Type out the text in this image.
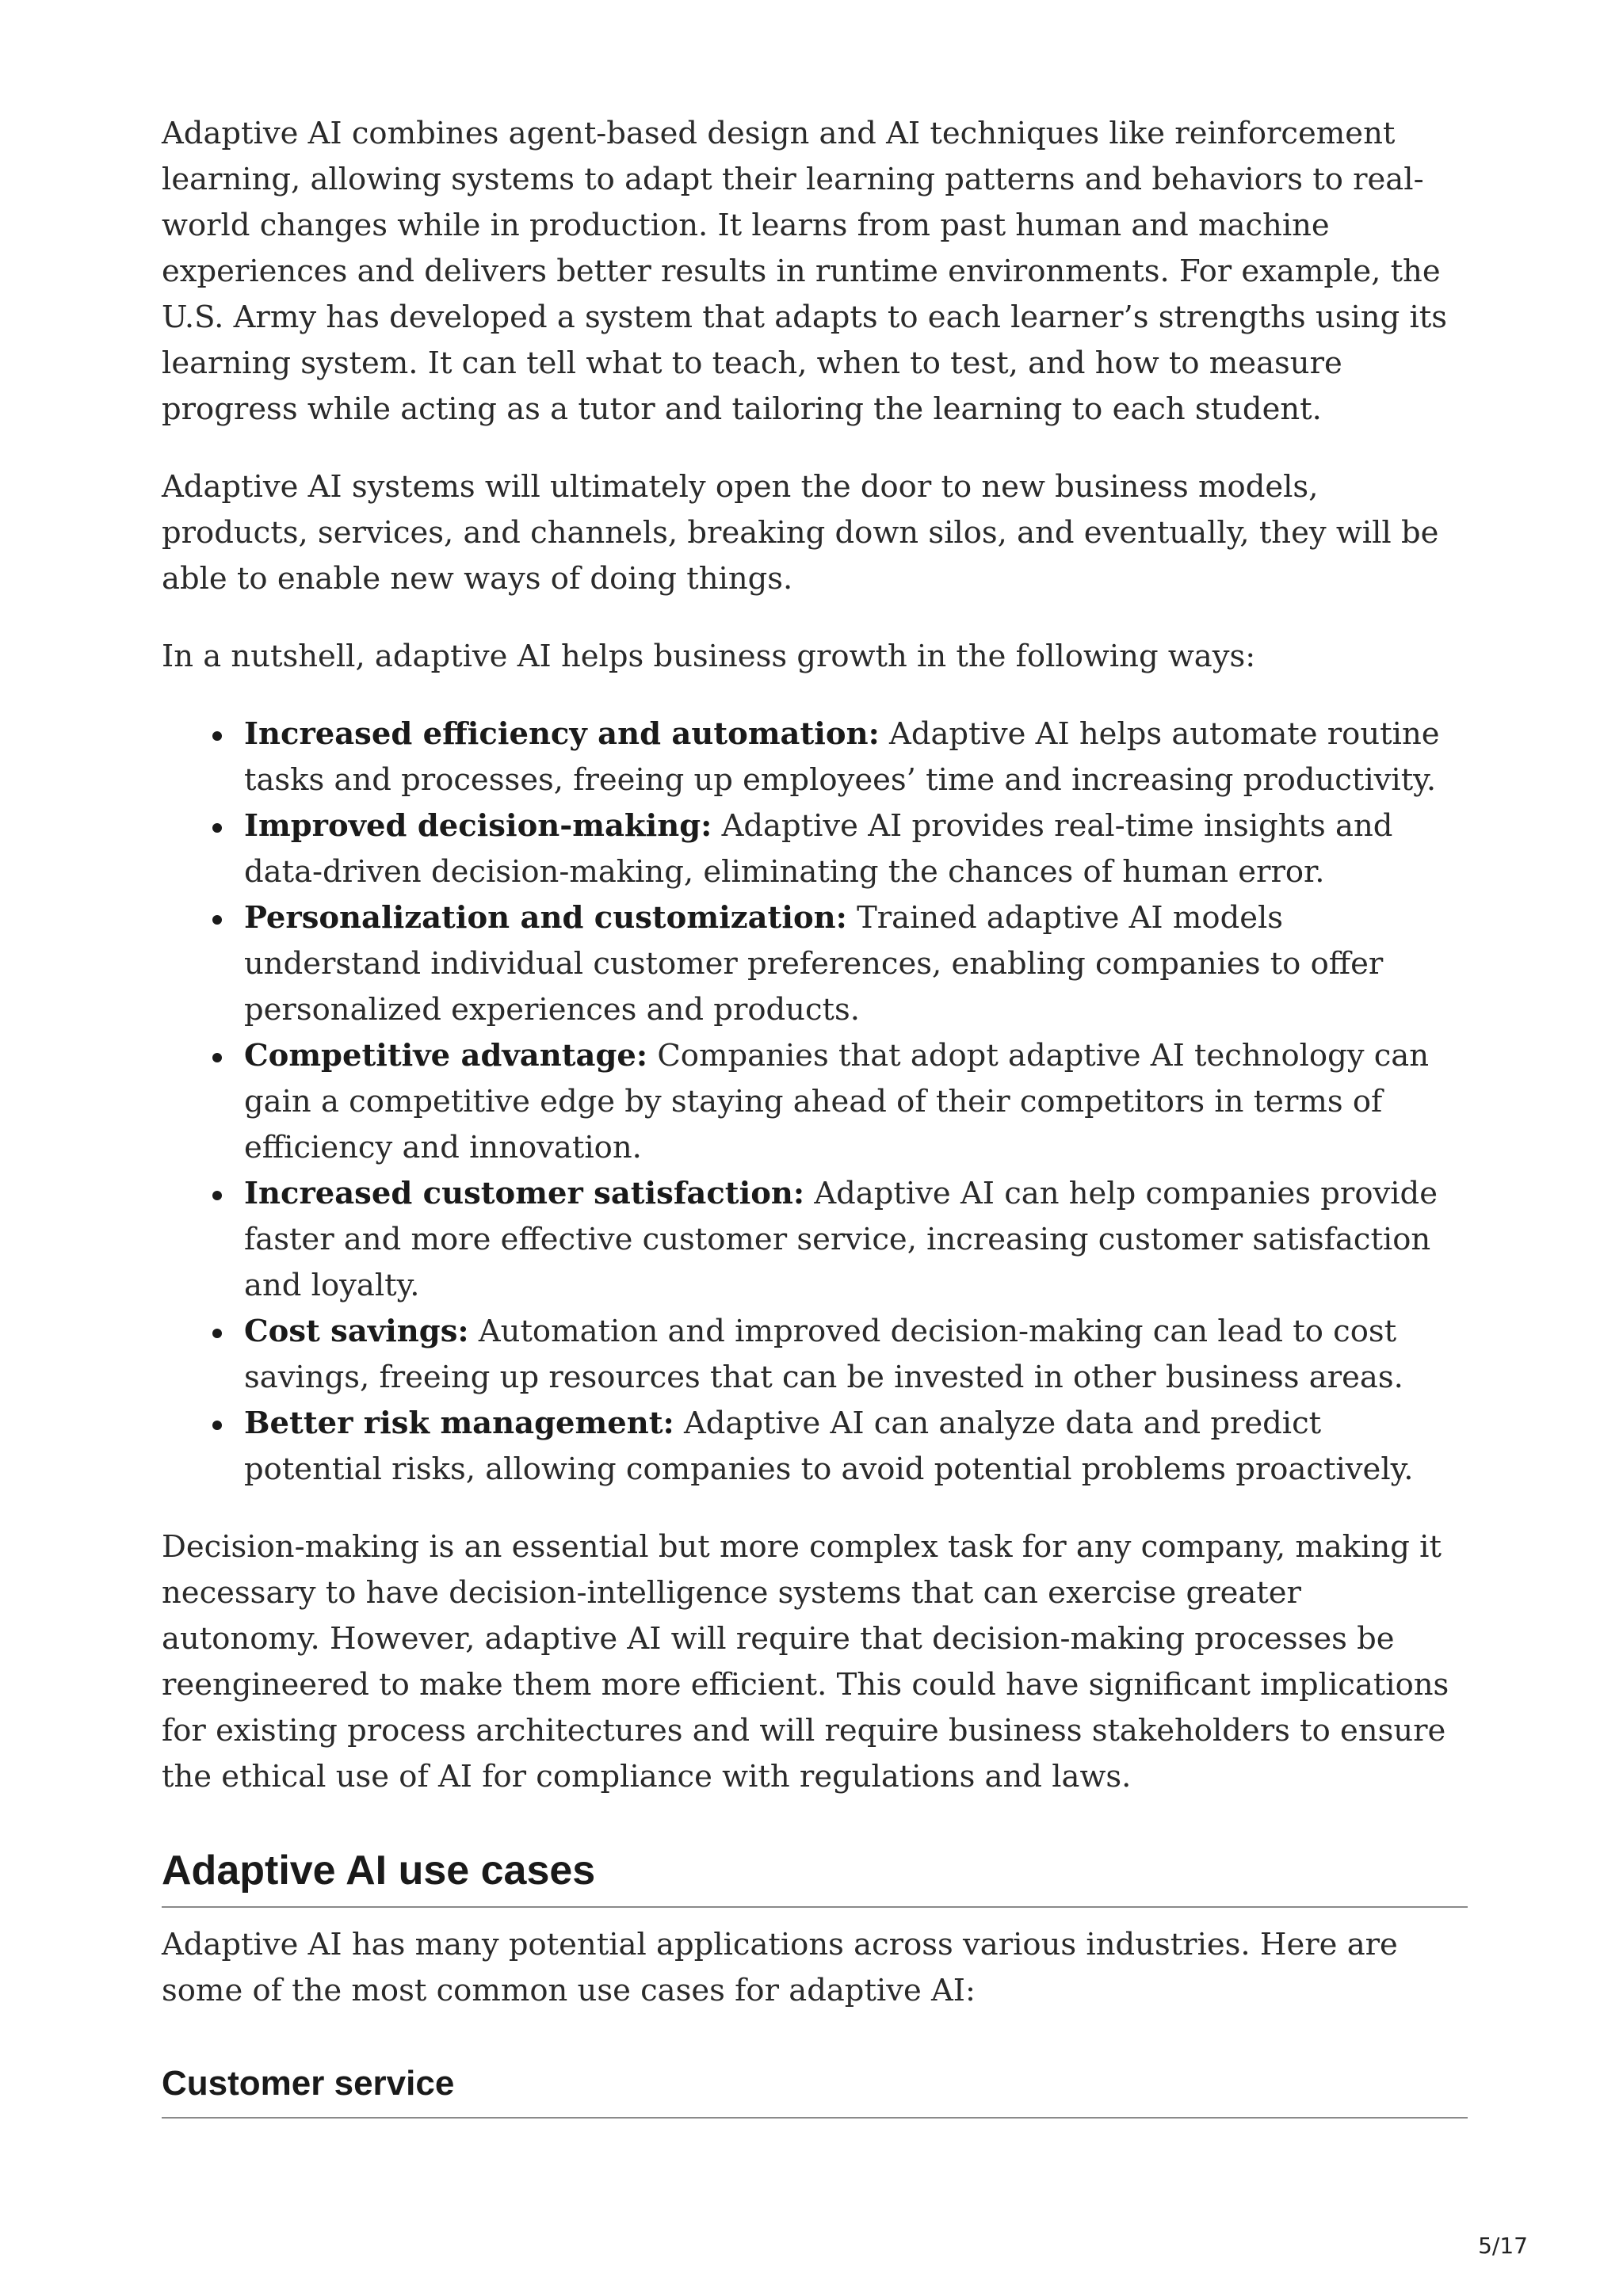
Adaptive AI combines agent-based design and AI techniques like reinforcement learning, allowing systems to adapt their learning patterns and behaviors to real-world changes while in production. It learns from past human and machine experiences and delivers better results in runtime environments. For example, the U.S. Army has developed a system that adapts to each learner’s strengths using its learning system. It can tell what to teach, when to test, and how to measure progress while acting as a tutor and tailoring the learning to each student.

Adaptive AI systems will ultimately open the door to new business models, products, services, and channels, breaking down silos, and eventually, they will be able to enable new ways of doing things.

In a nutshell, adaptive AI helps business growth in the following ways:

Increased efficiency and automation: Adaptive AI helps automate routine tasks and processes, freeing up employees’ time and increasing productivity.
Improved decision-making: Adaptive AI provides real-time insights and data-driven decision-making, eliminating the chances of human error.
Personalization and customization: Trained adaptive AI models understand individual customer preferences, enabling companies to offer personalized experiences and products.
Competitive advantage: Companies that adopt adaptive AI technology can gain a competitive edge by staying ahead of their competitors in terms of efficiency and innovation.
Increased customer satisfaction: Adaptive AI can help companies provide faster and more effective customer service, increasing customer satisfaction and loyalty.
Cost savings: Automation and improved decision-making can lead to cost savings, freeing up resources that can be invested in other business areas.
Better risk management: Adaptive AI can analyze data and predict potential risks, allowing companies to avoid potential problems proactively.

Decision-making is an essential but more complex task for any company, making it necessary to have decision-intelligence systems that can exercise greater autonomy. However, adaptive AI will require that decision-making processes be reengineered to make them more efficient. This could have significant implications for existing process architectures and will require business stakeholders to ensure the ethical use of AI for compliance with regulations and laws.

Adaptive AI use cases

Adaptive AI has many potential applications across various industries. Here are some of the most common use cases for adaptive AI:

Customer service
5/17
